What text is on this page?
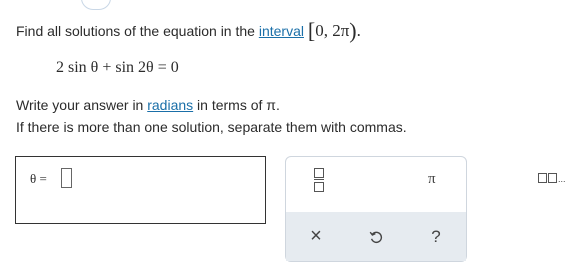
Find all solutions of the equation in the interval [0, 2π).
2 sin θ + sin 2θ = 0
Write your answer in radians in terms of π.
If there is more than one solution, separate them with commas.
θ =	π	...
×	?
